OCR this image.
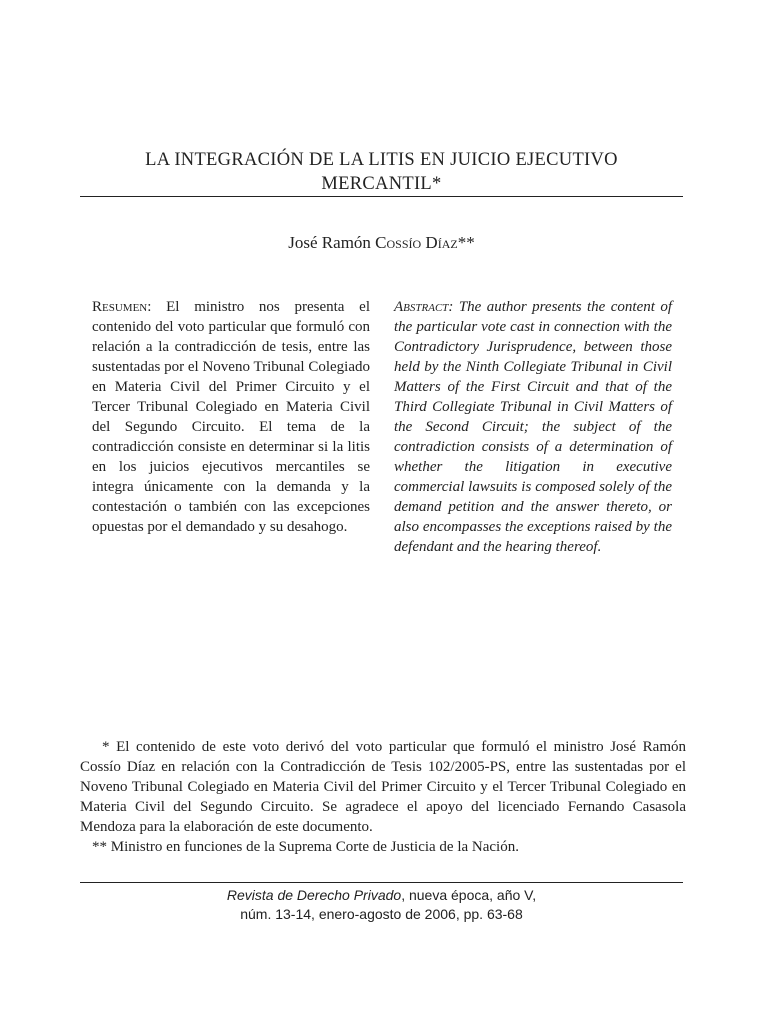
LA INTEGRACIÓN DE LA LITIS EN JUICIO EJECUTIVO
MERCANTIL*
José Ramón Cossío Díaz**
Resumen: El ministro nos presenta el contenido del voto particular que formuló con relación a la contradicción de tesis, entre las sustentadas por el Noveno Tribunal Colegiado en Materia Civil del Primer Circuito y el Tercer Tribunal Colegiado en Materia Civil del Segundo Circuito. El tema de la contradicción consiste en determinar si la litis en los juicios ejecutivos mercantiles se integra únicamente con la demanda y la contestación o también con las excepciones opuestas por el demandado y su desahogo.
Abstract: The author presents the content of the particular vote cast in connection with the Contradictory Jurisprudence, between those held by the Ninth Collegiate Tribunal in Civil Matters of the First Circuit and that of the Third Collegiate Tribunal in Civil Matters of the Second Circuit; the subject of the contradiction consists of a determination of whether the litigation in executive commercial lawsuits is composed solely of the demand petition and the answer thereto, or also encompasses the exceptions raised by the defendant and the hearing thereof.

* El contenido de este voto derivó del voto particular que formuló el ministro José Ramón Cossío Díaz en relación con la Contradicción de Tesis 102/2005-PS, entre las sustentadas por el Noveno Tribunal Colegiado en Materia Civil del Primer Circuito y el Tercer Tribunal Colegiado en Materia Civil del Segundo Circuito. Se agradece el apoyo del licenciado Fernando Casasola Mendoza para la elaboración de este documento.

** Ministro en funciones de la Suprema Corte de Justicia de la Nación.

Revista de Derecho Privado, nueva época, año V,
núm. 13-14, enero-agosto de 2006, pp. 63-68
